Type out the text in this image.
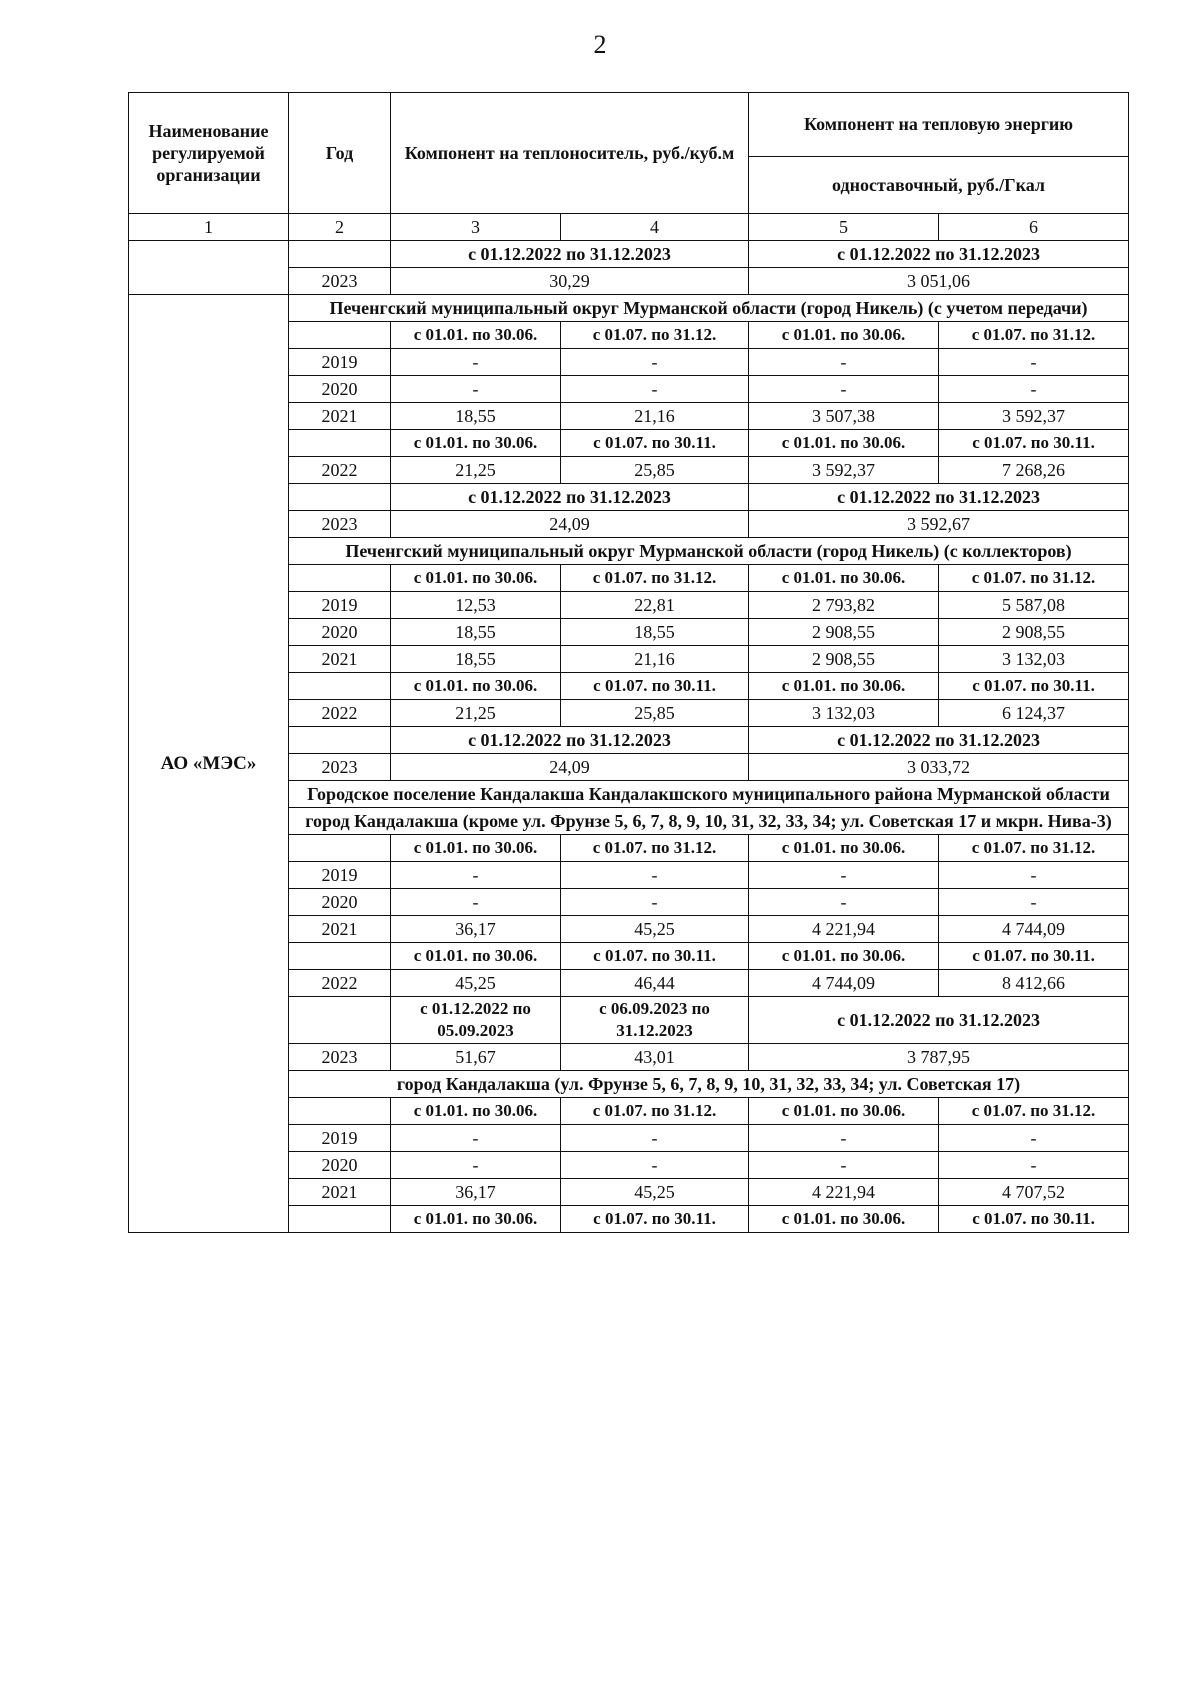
2
Наименование регулируемой организации	Год	Компонент на теплоноситель, руб./куб.м		Компонент на тепловую энергию	
				одноставочный, руб./Гкал	
1	2	3	4	5	6
		с 01.12.2022 по 31.12.2023		с 01.12.2022 по 31.12.2023	
	2023	30,29		3 051,06	
АО «МЭС»	Печенгский муниципальный округ Мурманской области (город Никель) (с учетом передачи)				
		с 01.01. по 30.06.	с 01.07. по 31.12.	с 01.01. по 30.06.	с 01.07. по 31.12.
	2019	-	-	-	-
	2020	-	-	-	-
	2021	18,55	21,16	3 507,38	3 592,37
		с 01.01. по 30.06.	с 01.07. по 30.11.	с 01.01. по 30.06.	с 01.07. по 30.11.
	2022	21,25	25,85	3 592,37	7 268,26
		с 01.12.2022 по 31.12.2023		с 01.12.2022 по 31.12.2023	
	2023	24,09		3 592,67	
	Печенгский муниципальный округ Мурманской области (город Никель) (с коллекторов)				
		с 01.01. по 30.06.	с 01.07. по 31.12.	с 01.01. по 30.06.	с 01.07. по 31.12.
	2019	12,53	22,81	2 793,82	5 587,08
	2020	18,55	18,55	2 908,55	2 908,55
	2021	18,55	21,16	2 908,55	3 132,03
		с 01.01. по 30.06.	с 01.07. по 30.11.	с 01.01. по 30.06.	с 01.07. по 30.11.
	2022	21,25	25,85	3 132,03	6 124,37
		с 01.12.2022 по 31.12.2023		с 01.12.2022 по 31.12.2023	
	2023	24,09		3 033,72	
	Городское поселение Кандалакша Кандалакшского муниципального района Мурманской области				
	город Кандалакша (кроме ул. Фрунзе 5, 6, 7, 8, 9, 10, 31, 32, 33, 34; ул. Советская 17 и мкрн. Нива-3)				
		с 01.01. по 30.06.	с 01.07. по 31.12.	с 01.01. по 30.06.	с 01.07. по 31.12.
	2019	-	-	-	-
	2020	-	-	-	-
	2021	36,17	45,25	4 221,94	4 744,09
		с 01.01. по 30.06.	с 01.07. по 30.11.	с 01.01. по 30.06.	с 01.07. по 30.11.
	2022	45,25	46,44	4 744,09	8 412,66
		с 01.12.2022 по 05.09.2023	с 06.09.2023 по 31.12.2023	с 01.12.2022 по 31.12.2023	
	2023	51,67	43,01	3 787,95	
	город Кандалакша (ул. Фрунзе 5, 6, 7, 8, 9, 10, 31, 32, 33, 34; ул. Советская 17)				
		с 01.01. по 30.06.	с 01.07. по 31.12.	с 01.01. по 30.06.	с 01.07. по 31.12.
	2019	-	-	-	-
	2020	-	-	-	-
	2021	36,17	45,25	4 221,94	4 707,52
		с 01.01. по 30.06.	с 01.07. по 30.11.	с 01.01. по 30.06.	с 01.07. по 30.11.
